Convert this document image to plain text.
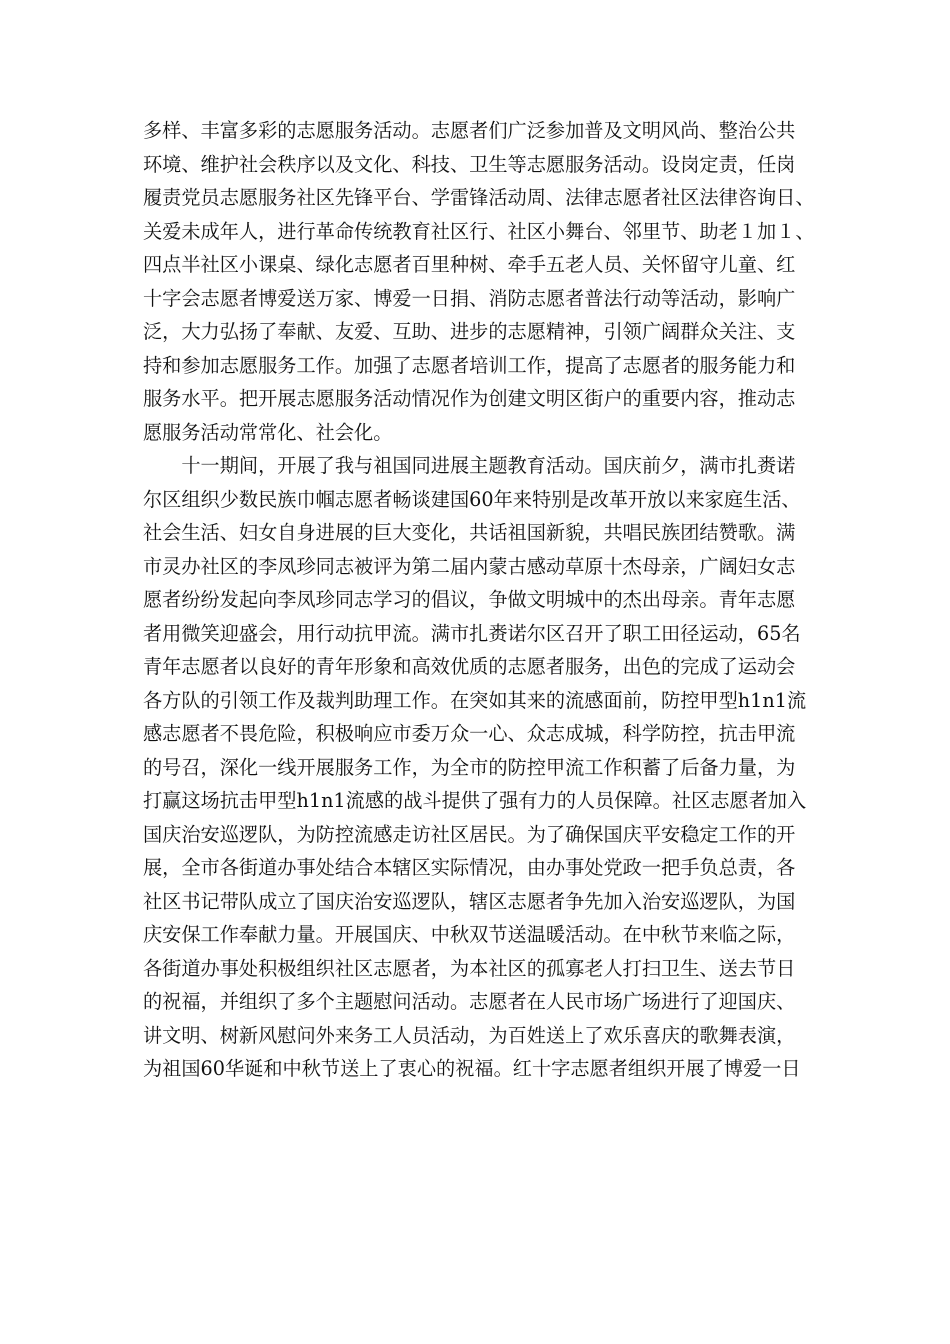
多样、丰富多彩的志愿服务活动。志愿者们广泛参加普及文明风尚、整治公共
环境、维护社会秩序以及文化、科技、卫生等志愿服务活动。设岗定责，任岗
履责党员志愿服务社区先锋平台、学雷锋活动周、法律志愿者社区法律咨询日、
关爱未成年人，进行革命传统教育社区行、社区小舞台、邻里节、助老１加１、
四点半社区小课桌、绿化志愿者百里种树、牵手五老人员、关怀留守儿童、红
十字会志愿者博爱送万家、博爱一日捐、消防志愿者普法行动等活动，影响广
泛，大力弘扬了奉献、友爱、互助、进步的志愿精神，引领广阔群众关注、支
持和参加志愿服务工作。加强了志愿者培训工作，提高了志愿者的服务能力和
服务水平。把开展志愿服务活动情况作为创建文明区街户的重要内容，推动志
愿服务活动常常化、社会化。

　　十一期间，开展了我与祖国同进展主题教育活动。国庆前夕，满市扎赉诺
尔区组织少数民族巾帼志愿者畅谈建国60年来特别是改革开放以来家庭生活、
社会生活、妇女自身进展的巨大变化，共话祖国新貌，共唱民族团结赞歌。满
市灵办社区的李凤珍同志被评为第二届内蒙古感动草原十杰母亲，广阔妇女志
愿者纷纷发起向李凤珍同志学习的倡议，争做文明城中的杰出母亲。青年志愿
者用微笑迎盛会，用行动抗甲流。满市扎赉诺尔区召开了职工田径运动，65名
青年志愿者以良好的青年形象和高效优质的志愿者服务，出色的完成了运动会
各方队的引领工作及裁判助理工作。在突如其来的流感面前，防控甲型h1n1流
感志愿者不畏危险，积极响应市委万众一心、众志成城，科学防控，抗击甲流
的号召，深化一线开展服务工作，为全市的防控甲流工作积蓄了后备力量，为
打赢这场抗击甲型h1n1流感的战斗提供了强有力的人员保障。社区志愿者加入
国庆治安巡逻队，为防控流感走访社区居民。为了确保国庆平安稳定工作的开
展，全市各街道办事处结合本辖区实际情况，由办事处党政一把手负总责，各
社区书记带队成立了国庆治安巡逻队，辖区志愿者争先加入治安巡逻队，为国
庆安保工作奉献力量。开展国庆、中秋双节送温暖活动。在中秋节来临之际，
各街道办事处积极组织社区志愿者，为本社区的孤寡老人打扫卫生、送去节日
的祝福，并组织了多个主题慰问活动。志愿者在人民市场广场进行了迎国庆、
讲文明、树新风慰问外来务工人员活动，为百姓送上了欢乐喜庆的歌舞表演，
为祖国60华诞和中秋节送上了衷心的祝福。红十字志愿者组织开展了博爱一日
